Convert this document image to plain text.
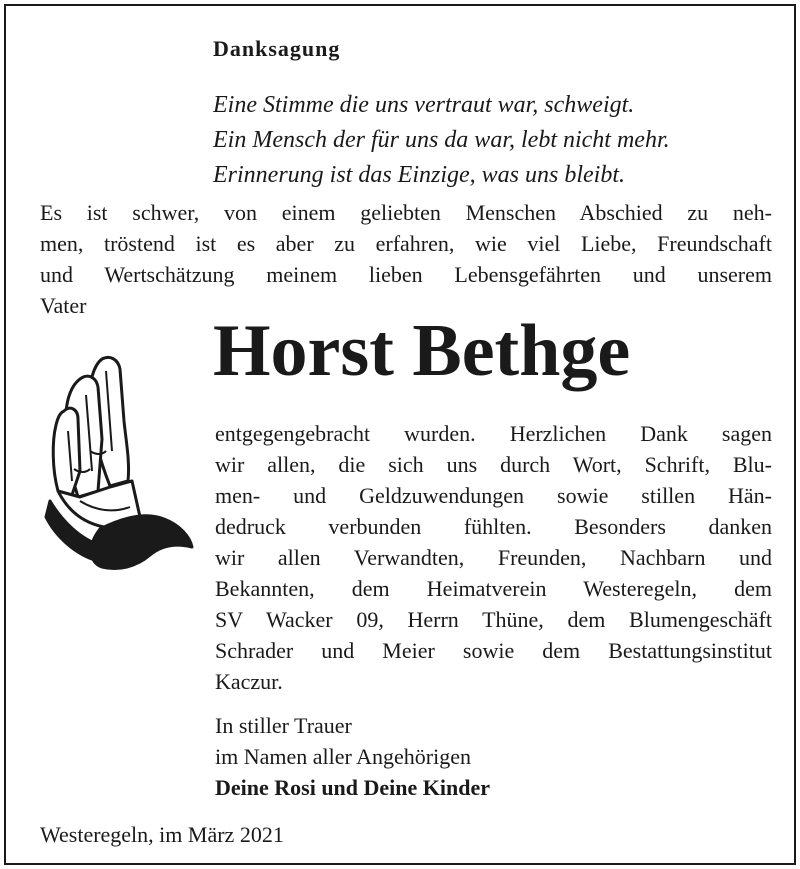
Danksagung
Eine Stimme die uns vertraut war, schweigt.
Ein Mensch der für uns da war, lebt nicht mehr.
Erinnerung ist das Einzige, was uns bleibt.
Es ist schwer, von einem geliebten Menschen Abschied zu neh-
men, tröstend ist es aber zu erfahren, wie viel Liebe, Freundschaft
und Wertschätzung meinem lieben Lebensgefährten und unserem
Vater
Horst Bethge
entgegengebracht wurden. Herzlichen Dank sagen
wir allen, die sich uns durch Wort, Schrift, Blu-
men- und Geldzuwendungen sowie stillen Hän-
dedruck verbunden fühlten. Besonders danken
wir allen Verwandten, Freunden, Nachbarn und
Bekannten, dem Heimatverein Westeregeln, dem
SV Wacker 09, Herrn Thüne, dem Blumengeschäft
Schrader und Meier sowie dem Bestattungsinstitut
Kaczur.
In stiller Trauer
im Namen aller Angehörigen
Deine Rosi und Deine Kinder
Westeregeln, im März 2021
